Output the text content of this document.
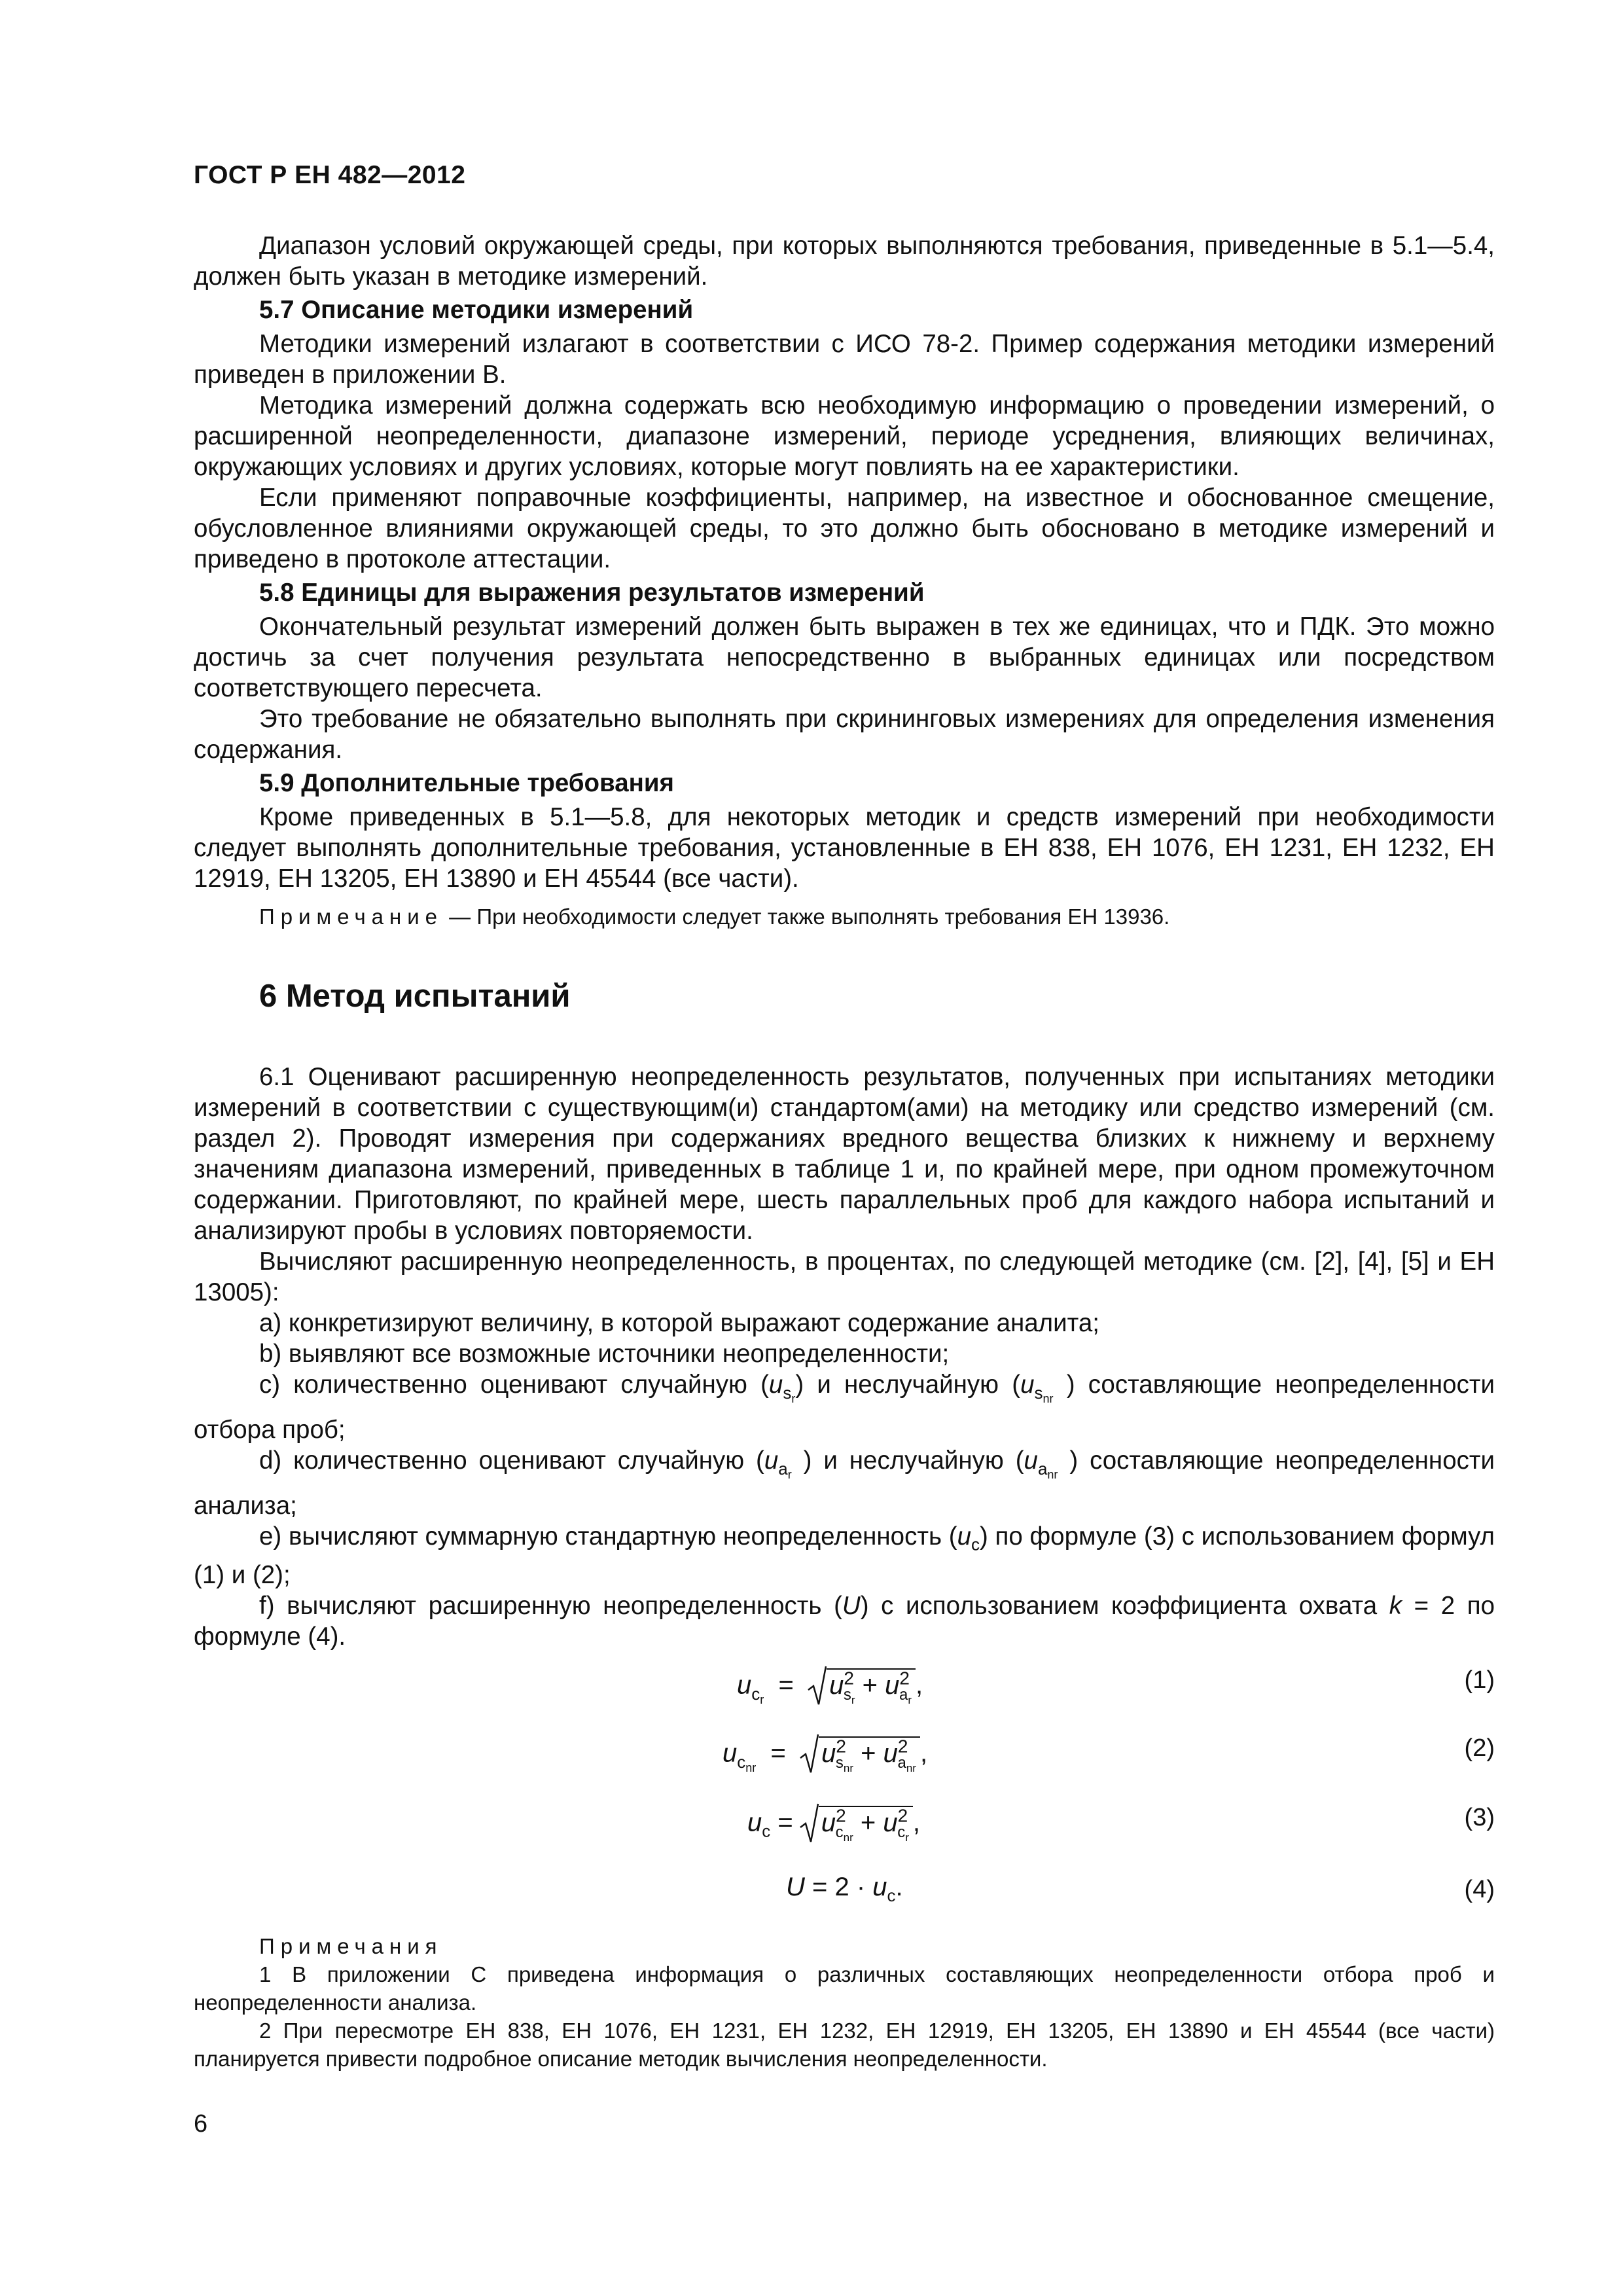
ГОСТ Р ЕН 482—2012

Диапазон условий окружающей среды, при которых выполняются требования, приведенные в 5.1—5.4, должен быть указан в методике измерений.

5.7 Описание методики измерений

Методики измерений излагают в соответствии с ИСО 78-2. Пример содержания методики измерений приведен в приложении В.

Методика измерений должна содержать всю необходимую информацию о проведении измерений, о расширенной неопределенности, диапазоне измерений, периоде усреднения, влияющих величинах, окружающих условиях и других условиях, которые могут повлиять на ее характеристики.

Если применяют поправочные коэффициенты, например, на известное и обоснованное смещение, обусловленное влияниями окружающей среды, то это должно быть обосновано в методике измерений и приведено в протоколе аттестации.

5.8 Единицы для выражения результатов измерений

Окончательный результат измерений должен быть выражен в тех же единицах, что и ПДК. Это можно достичь за счет получения результата непосредственно в выбранных единицах или посредством соответствующего пересчета.

Это требование не обязательно выполнять при скрининговых измерениях для определения изменения содержания.

5.9 Дополнительные требования

Кроме приведенных в 5.1—5.8, для некоторых методик и средств измерений при необходимости следует выполнять дополнительные требования, установленные в ЕН 838, ЕН 1076, ЕН 1231, ЕН 1232, ЕН 12919, ЕН 13205, ЕН 13890 и ЕН 45544 (все части).

Примечание — При необходимости следует также выполнять требования ЕН 13936.

6 Метод испытаний

6.1 Оценивают расширенную неопределенность результатов, полученных при испытаниях методики измерений в соответствии с существующим(и) стандартом(ами) на методику или средство измерений (см. раздел 2). Проводят измерения при содержаниях вредного вещества близких к нижнему и верхнему значениям диапазона измерений, приведенных в таблице 1 и, по крайней мере, при одном промежуточном содержании. Приготовляют, по крайней мере, шесть параллельных проб для каждого набора испытаний и анализируют пробы в условиях повторяемости.

Вычисляют расширенную неопределенность, в процентах, по следующей методике (см. [2], [4], [5] и ЕН 13005):

a) конкретизируют величину, в которой выражают содержание аналита;

b) выявляют все возможные источники неопределенности;

c) количественно оценивают случайную $(u_{s_r})$ и неслучайную ($u_{s_{nr}}$ ) составляющие неопределенности отбора проб;

d) количественно оценивают случайную ($u_{a_r}$ ) и неслучайную ($u_{a_{nr}}$ ) составляющие неопределенности анализа;

e) вычисляют суммарную стандартную неопределенность $(u_c)$ по формуле (3) с использованием формул (1) и (2);

f) вычисляют расширенную неопределенность (U) с использованием коэффициента охвата k = 2 по формуле (4).

$u_{c_r} = u^2_{s_r} + u^2_{a_r}$,	(1)
$u_{c_{nr}} = u^2_{s_{nr}} + u^2_{a_{nr}}$,	(2)
$u_c = u^2_{c_{nr}} + u^2_{c_r}$,	(3)
$U = 2 \cdot u_c$.	(4)
Примечания

1 В приложении С приведена информация о различных составляющих неопределенности отбора проб и неопределенности анализа.

2 При пересмотре ЕН 838, ЕН 1076, ЕН 1231, ЕН 1232, ЕН 12919, ЕН 13205, ЕН 13890 и ЕН 45544 (все части) планируется привести подробное описание методик вычисления неопределенности.

6
